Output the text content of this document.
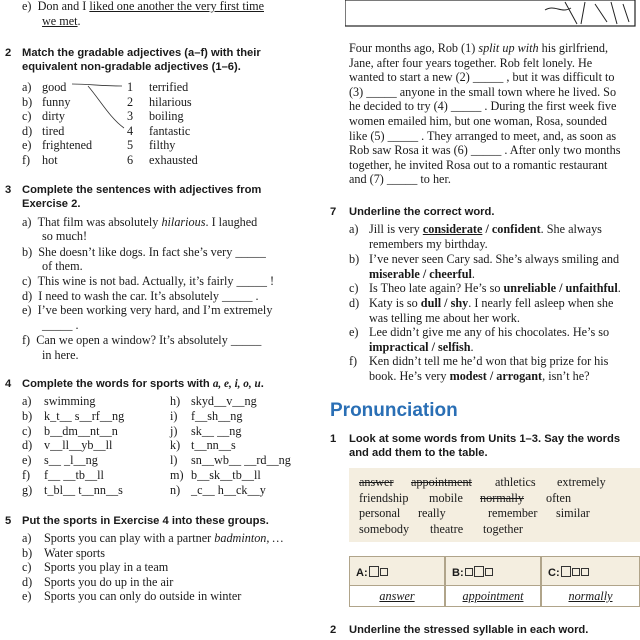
e) Don and I liked one another the very first time
we met.
2 Match the gradable adjectives (a–f) with their
equivalent non-gradable adjectives (1–6).
a) good
b) funny
c) dirty
d) tired
e) frightened
f) hot
1 terrified
2 hilarious
3 boiling
4 fantastic
5 filthy
6 exhausted
3 Complete the sentences with adjectives from
Exercise 2.
a) That film was absolutely hilarious. I laughed
so much!
b) She doesn’t like dogs. In fact she’s very _____
of them.
c) This wine is not bad. Actually, it’s fairly _____ !
d) I need to wash the car. It’s absolutely _____ .
e) I’ve been working very hard, and I’m extremely
_____ .
f) Can we open a window? It’s absolutely _____
in here.
4 Complete the words for sports with a, e, i, o, u.
a) swimming
b) k_t__ s__rf__ng
c) b__dm__nt__n
d) v__ll__yb__ll
e) s__ _l__ng
f) f__ __tb__ll
g) t_bl__ t__nn__s
h) skyd__v__ng
i) f__sh__ng
j) sk__ __ng
k) t__nn__s
l) sn__wb__ __rd__ng
m) b__sk__tb__ll
n) _c__ h__ck__y
5 Put the sports in Exercise 4 into these groups.
a) Sports you can play with a partner badminton, …
b) Water sports
c) Sports you play in a team
d) Sports you do up in the air
e) Sports you can only do outside in winter
Four months ago, Rob (1) split up with his girlfriend,
Jane, after four years together. Rob felt lonely. He
wanted to start a new (2) _____ , but it was difficult to
(3) _____ anyone in the small town where he lived. So
he decided to try (4) _____ . During the first week five
women emailed him, but one woman, Rosa, sounded
like (5) _____ . They arranged to meet, and, as soon as
Rob saw Rosa it was (6) _____ . After only two months
together, he invited Rosa out to a romantic restaurant
and (7) _____ to her.
7 Underline the correct word.
a) Jill is very considerate / confident. She always
remembers my birthday.
b) I’ve never seen Cary sad. She’s always smiling and
miserable / cheerful.
c) Is Theo late again? He’s so unreliable / unfaithful.
d) Katy is so dull / shy. I nearly fell asleep when she
was telling me about her work.
e) Lee didn’t give me any of his chocolates. He’s so
impractical / selfish.
f) Ken didn’t tell me he’d won that big prize for his
book. He’s very modest / arrogant, isn’t he?
Pronunciation
1 Look at some words from Units 1–3. Say the words
and add them to the table.
answer appointment athletics extremely
friendship mobile normally often
personal really	remember similar
somebody theatre together
A:
answer
B:
appointment
C:
normally
2 Underline the stressed syllable in each word.
